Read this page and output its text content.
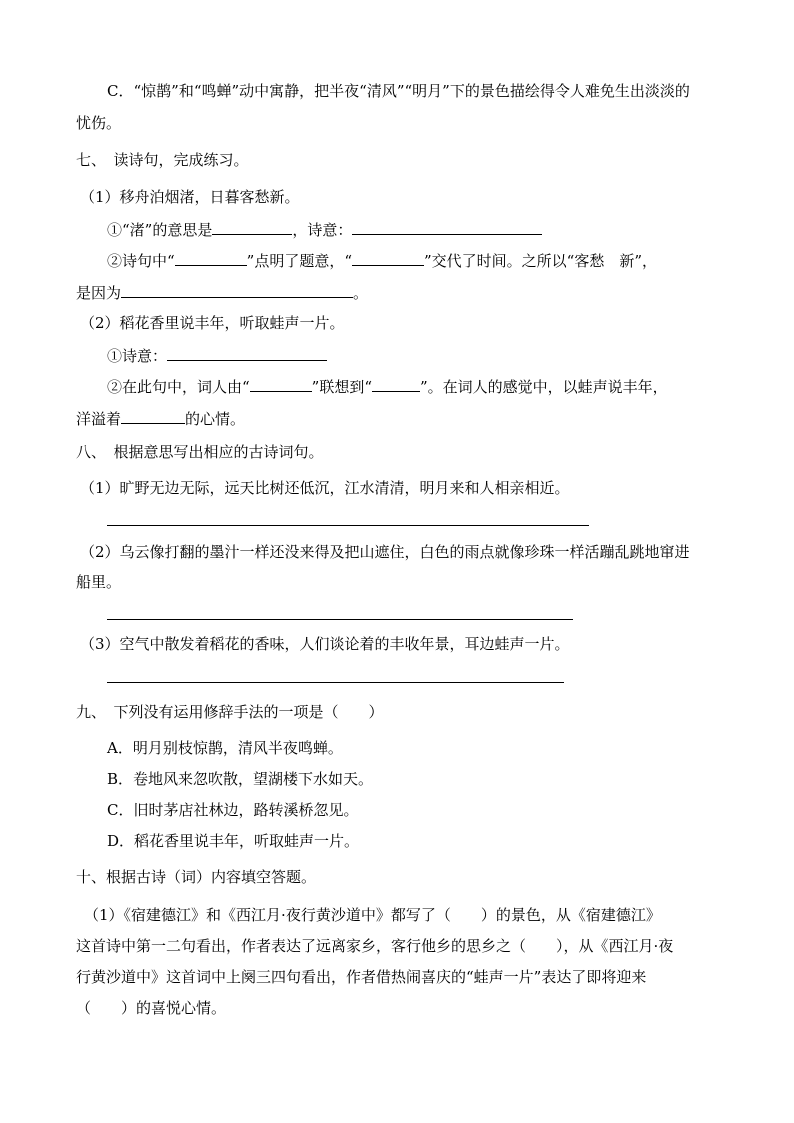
C．“惊鹊”和“鸣蝉”动中寓静，把半夜“清风”“明月”下的景色描绘得令人难免生出淡淡的
忧伤。
七、　读诗句，完成练习。
（1）移舟泊烟渚，日暮客愁新。
①“渚”的意思是	，诗意：
②诗句中“	”点明了题意，“	”交代了时间。之所以“客愁　新”，
是因为	。
（2）稻花香里说丰年，听取蛙声一片。
①诗意：
②在此句中，词人由“	”联想到“	”。在词人的感觉中，以蛙声说丰年，
洋溢着	的心情。
八、　根据意思写出相应的古诗词句。
（1）旷野无边无际，远天比树还低沉，江水清清，明月来和人相亲相近。
（2）乌云像打翻的墨汁一样还没来得及把山遮住，白色的雨点就像珍珠一样活蹦乱跳地窜进
船里。
（3）空气中散发着稻花的香味，人们谈论着的丰收年景，耳边蛙声一片。
九、　下列没有运用修辞手法的一项是（　　）
A．明月别枝惊鹊，清风半夜鸣蝉。
B．卷地风来忽吹散，望湖楼下水如天。
C．旧时茅店社林边，路转溪桥忽见。
D．稻花香里说丰年，听取蛙声一片。
十、根据古诗（词）内容填空答题。
（1）《宿建德江》和《西江月·夜行黄沙道中》都写了（　　）的景色，从《宿建德江》
这首诗中第一二句看出，作者表达了远离家乡，客行他乡的思乡之（　　），从《西江月·夜
行黄沙道中》这首词中上阕三四句看出，作者借热闹喜庆的“蛙声一片”表达了即将迎来
（　　）的喜悦心情。
